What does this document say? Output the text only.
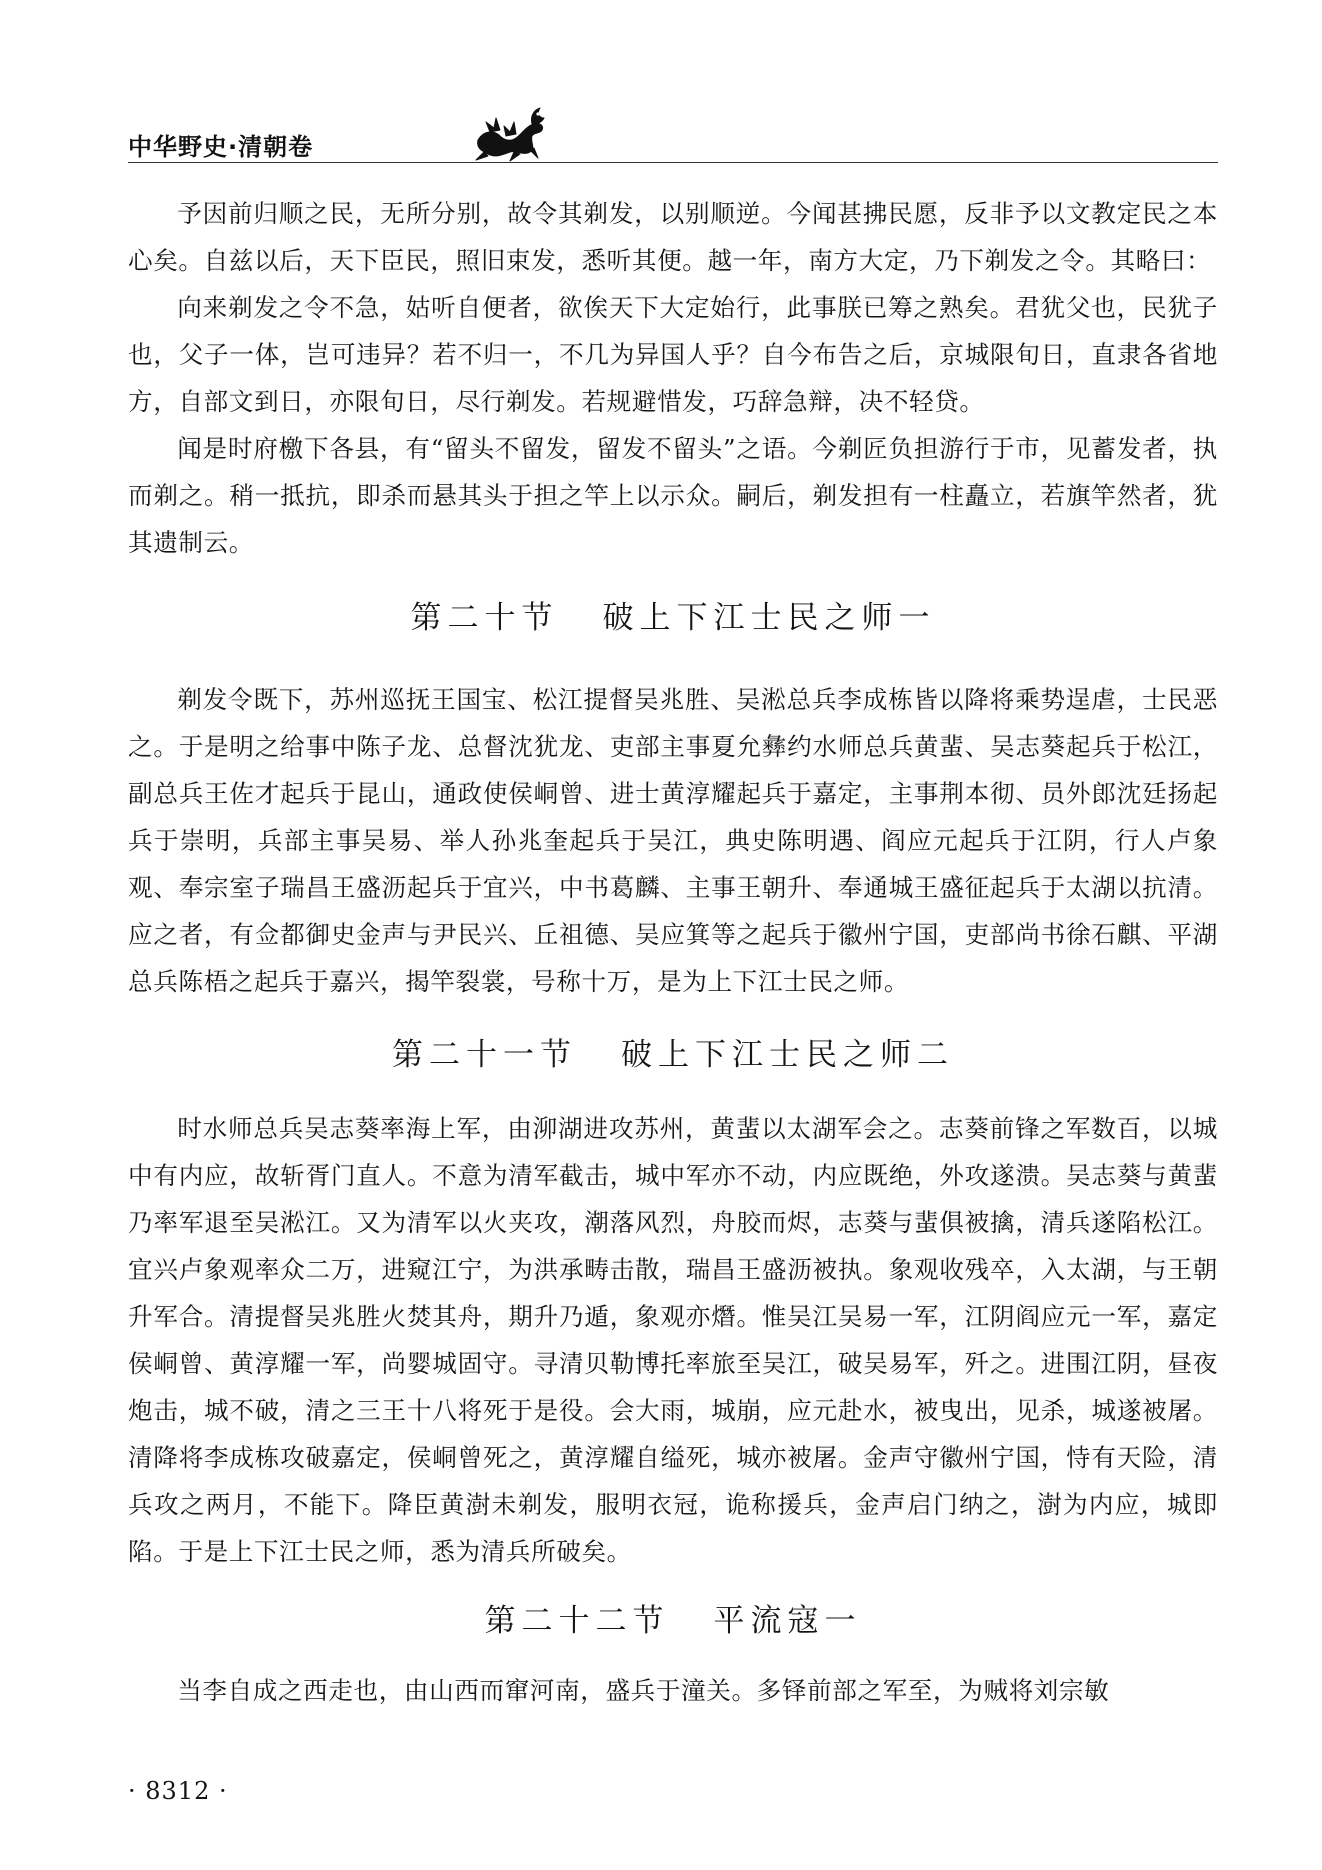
中华野史·清朝卷

予因前归顺之民，无所分别，故令其剃发，以别顺逆。今闻甚拂民愿，反非予以文教定民之本心矣。自兹以后，天下臣民，照旧束发，悉听其便。越一年，南方大定，乃下剃发之令。其略曰：

向来剃发之令不急，姑听自便者，欲俟天下大定始行，此事朕已筹之熟矣。君犹父也，民犹子也，父子一体，岂可违异？若不归一，不几为异国人乎？自今布告之后，京城限旬日，直隶各省地方，自部文到日，亦限旬日，尽行剃发。若规避惜发，巧辞急辩，决不轻贷。

闻是时府檄下各县，有“留头不留发，留发不留头”之语。今剃匠负担游行于市，见蓄发者，执而剃之。稍一抵抗，即杀而悬其头于担之竿上以示众。嗣后，剃发担有一柱矗立，若旗竿然者，犹其遗制云。

第二十节 破上下江士民之师一

剃发令既下，苏州巡抚王国宝、松江提督吴兆胜、吴淞总兵李成栋皆以降将乘势逞虐，士民恶之。于是明之给事中陈子龙、总督沈犹龙、吏部主事夏允彝约水师总兵黄蜚、吴志葵起兵于松江，副总兵王佐才起兵于昆山，通政使侯峒曾、进士黄淳耀起兵于嘉定，主事荆本彻、员外郎沈廷扬起兵于崇明，兵部主事吴易、举人孙兆奎起兵于吴江，典史陈明遇、阎应元起兵于江阴，行人卢象观、奉宗室子瑞昌王盛沥起兵于宜兴，中书葛麟、主事王朝升、奉通城王盛征起兵于太湖以抗清。应之者，有佥都御史金声与尹民兴、丘祖德、吴应箕等之起兵于徽州宁国，吏部尚书徐石麒、平湖总兵陈梧之起兵于嘉兴，揭竿裂裳，号称十万，是为上下江士民之师。

第二十一节 破上下江士民之师二

时水师总兵吴志葵率海上军，由泖湖进攻苏州，黄蜚以太湖军会之。志葵前锋之军数百，以城中有内应，故斩胥门直人。不意为清军截击，城中军亦不动，内应既绝，外攻遂溃。吴志葵与黄蜚乃率军退至吴淞江。又为清军以火夹攻，潮落风烈，舟胶而烬，志葵与蜚俱被擒，清兵遂陷松江。宜兴卢象观率众二万，进窥江宁，为洪承畴击散，瑞昌王盛沥被执。象观收残卒，入太湖，与王朝升军合。清提督吴兆胜火焚其舟，期升乃遁，象观亦熸。惟吴江吴易一军，江阴阎应元一军，嘉定侯峒曾、黄淳耀一军，尚婴城固守。寻清贝勒博托率旅至吴江，破吴易军，歼之。进围江阴，昼夜炮击，城不破，清之三王十八将死于是役。会大雨，城崩，应元赴水，被曳出，见杀，城遂被屠。清降将李成栋攻破嘉定，侯峒曾死之，黄淳耀自缢死，城亦被屠。金声守徽州宁国，恃有天险，清兵攻之两月，不能下。降臣黄澍未剃发，服明衣冠，诡称援兵，金声启门纳之，澍为内应，城即陷。于是上下江士民之师，悉为清兵所破矣。

第二十二节 平流寇一

当李自成之西走也，由山西而窜河南，盛兵于潼关。多铎前部之军至，为贼将刘宗敏

· 8312 ·
